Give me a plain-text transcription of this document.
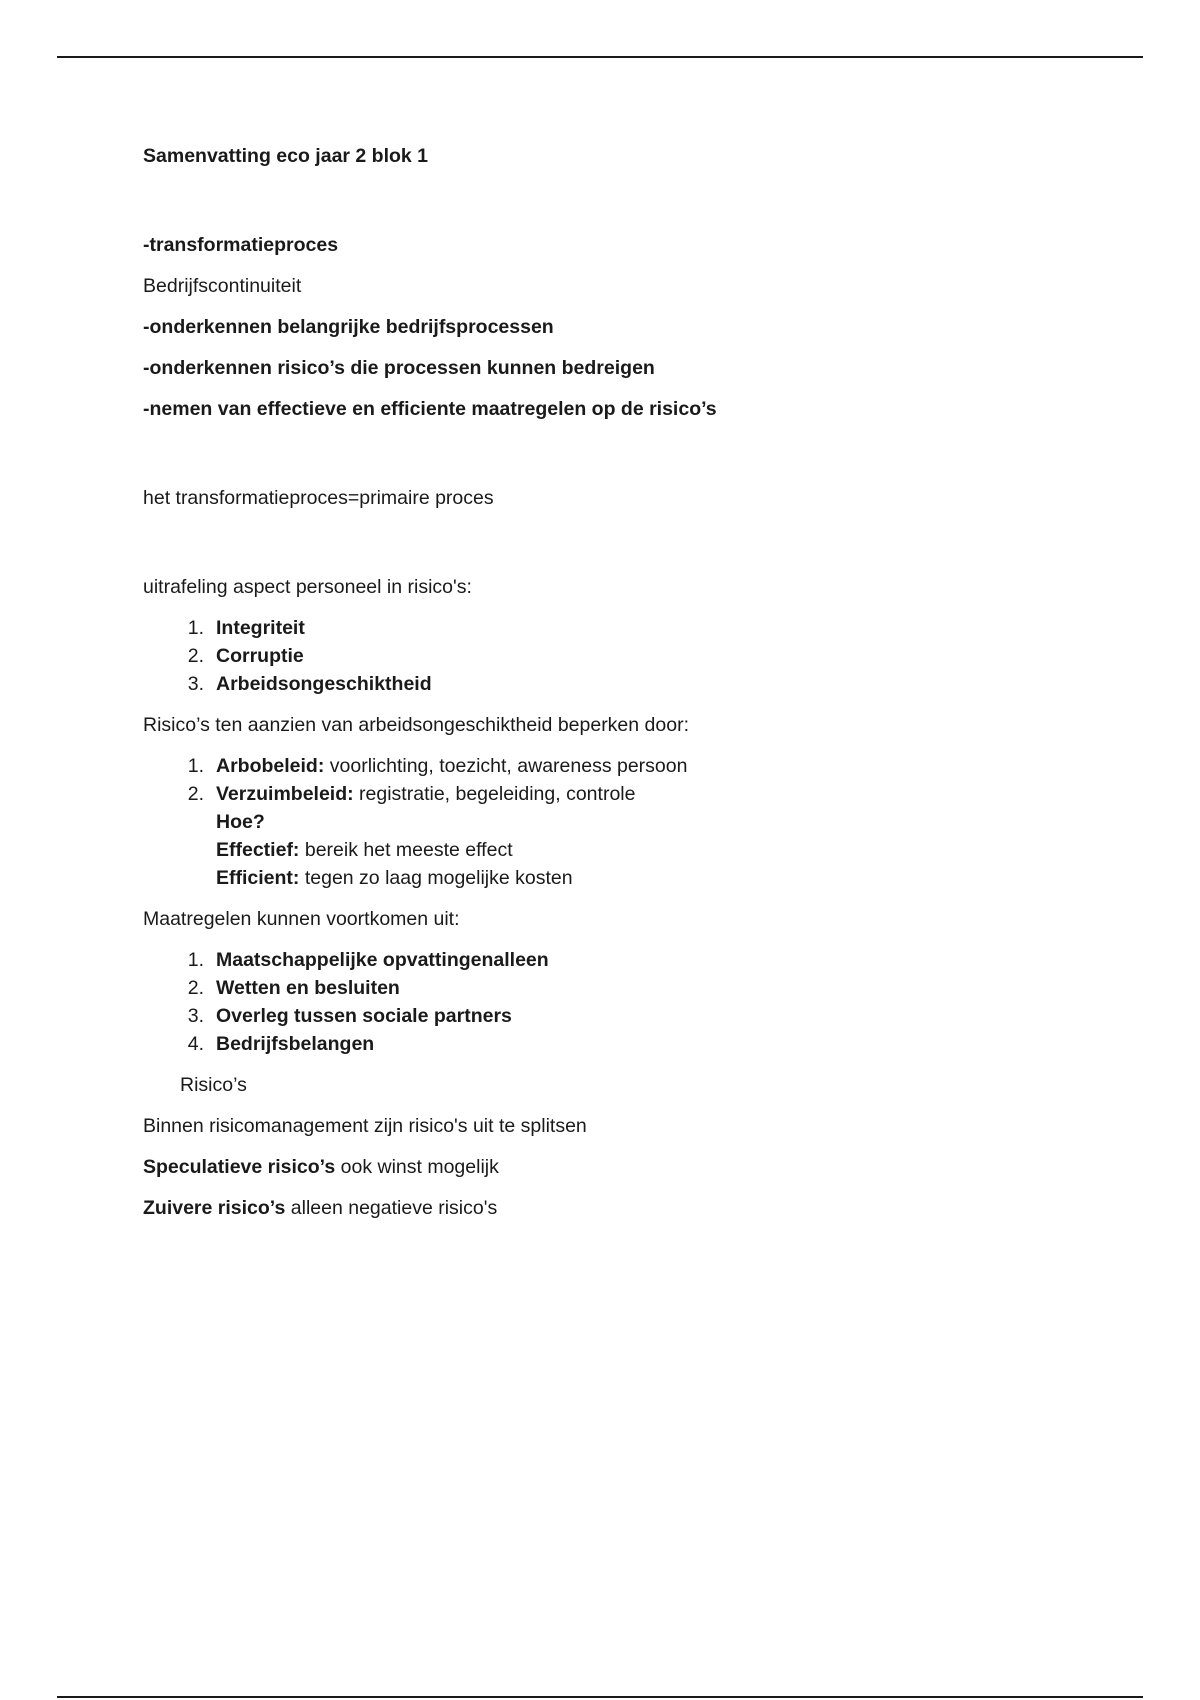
Samenvatting eco jaar 2 blok 1
-transformatieproces
Bedrijfscontinuiteit
-onderkennen belangrijke bedrijfsprocessen
-onderkennen risico’s die processen kunnen bedreigen
-nemen van effectieve en efficiente maatregelen op de risico’s
het transformatieproces=primaire proces
uitrafeling aspect personeel in risico's:
1. Integriteit
2. Corruptie
3. Arbeidsongeschiktheid
Risico’s ten aanzien van arbeidsongeschiktheid beperken door:
1. Arbobeleid: voorlichting, toezicht, awareness persoon
2. Verzuimbeleid: registratie, begeleiding, controle
Hoe?
Effectief: bereik het meeste effect
Efficient: tegen zo laag mogelijke kosten
Maatregelen kunnen voortkomen uit:
1. Maatschappelijke opvattingenalleen
2. Wetten en besluiten
3. Overleg tussen sociale partners
4. Bedrijfsbelangen
Risico’s
Binnen risicomanagement zijn risico's uit te splitsen
Speculatieve risico’s ook winst mogelijk
Zuivere risico’s alleen negatieve risico's
